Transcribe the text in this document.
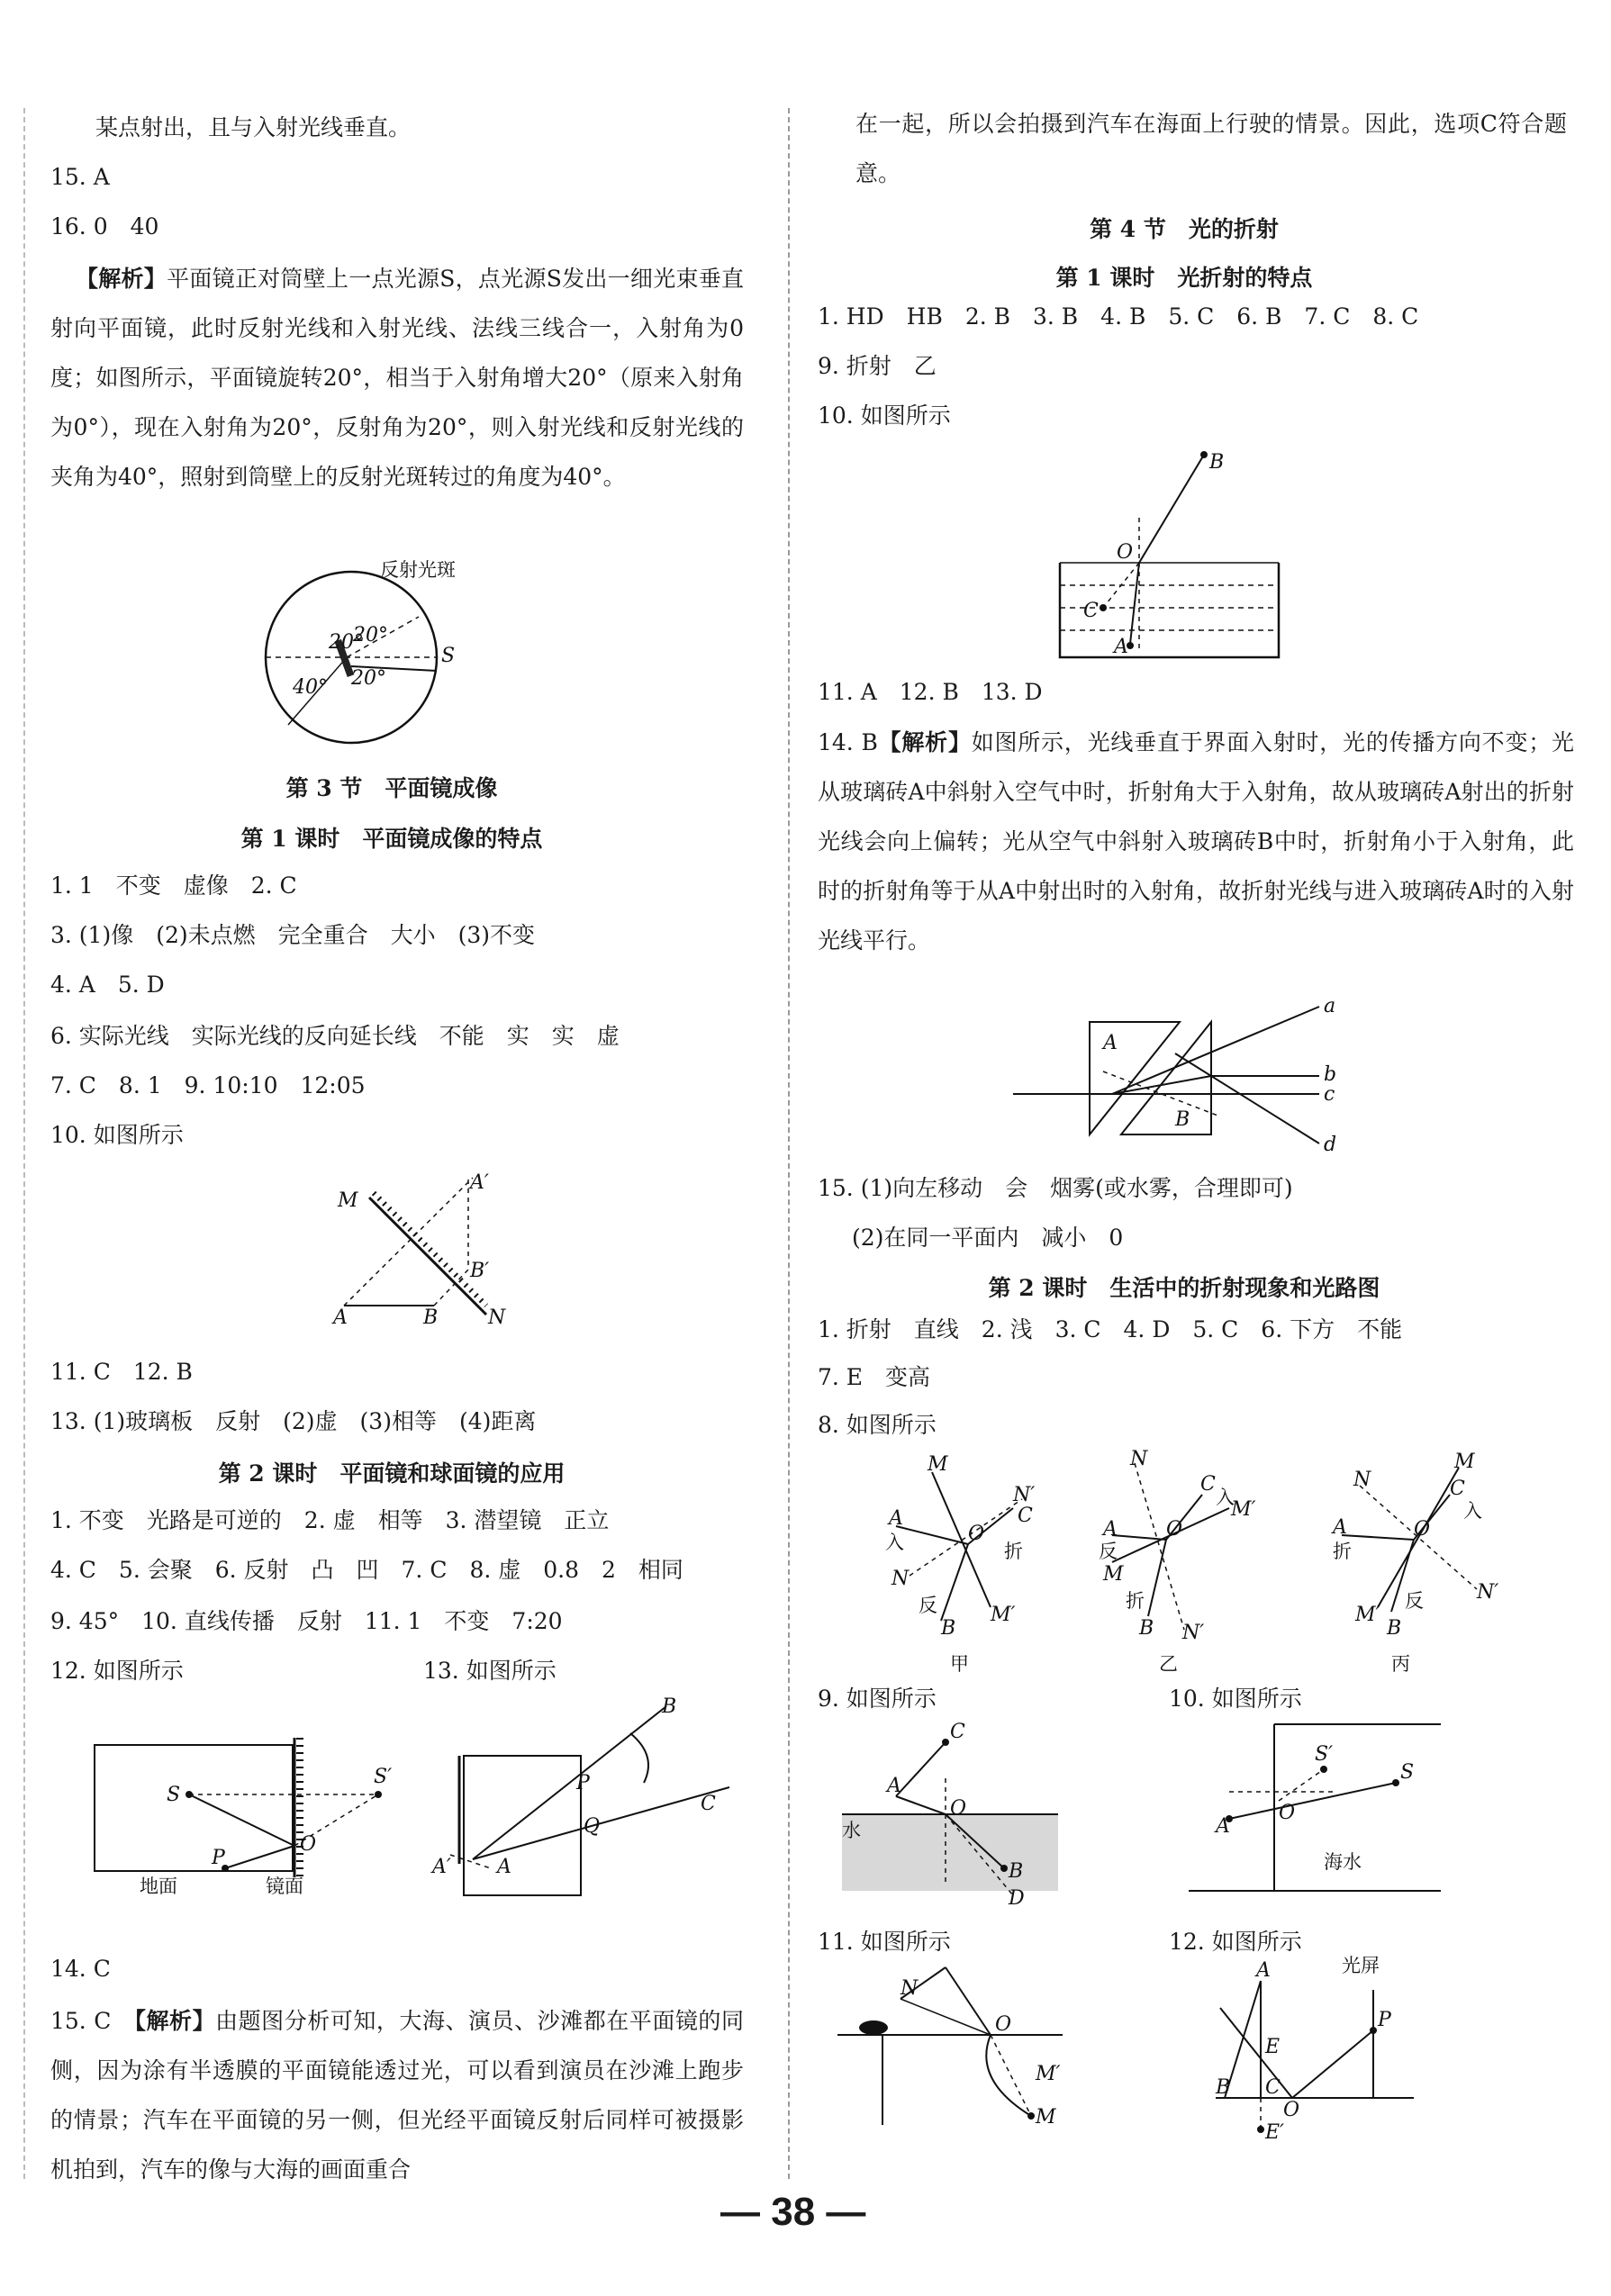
某点射出，且与入射光线垂直。
15. A
16. 0　40
【解析】平面镜正对筒壁上一点光源S，点光源S发出一细光束垂直射向平面镜，此时反射光线和入射光线、法线三线合一，入射角为0度；如图所示，平面镜旋转20°，相当于入射角增大20°（原来入射角为0°），现在入射角为20°，反射角为20°，则入射光线和反射光线的夹角为40°，照射到筒壁上的反射光斑转过的角度为40°。
反射光斑
20°
20°
40° 20°
S
第 3 节　平面镜成像
第 1 课时　平面镜成像的特点
1. 1　不变　虚像　2. C
3. (1)像　(2)未点燃　完全重合　大小　(3)不变
4. A　5. D
6. 实际光线　实际光线的反向延长线　不能　实　实　虚
7. C　8. 1　9. 10:10　12:05
10. 如图所示
M
N
A	B
A′
B′
11. C　12. B
13. (1)玻璃板　反射　(2)虚　(3)相等　(4)距离
第 2 课时　平面镜和球面镜的应用
1. 不变　光路是可逆的　2. 虚　相等　3. 潜望镜　正立
4. C　5. 会聚　6. 反射　凸　凹　7. C　8. 虚　0.8　2　相同
9. 45°　10. 直线传播　反射　11. 1　不变　7:20
12. 如图所示	13. 如图所示
S
S′
P
O
地面	镜面
B
P
Q
C
A
A′
14. C
15. C　【解析】由题图分析可知，大海、演员、沙滩都在平面镜的同侧，因为涂有半透膜的平面镜能透过光，可以看到演员在沙滩上跑步的情景；汽车在平面镜的另一侧，但光经平面镜反射后同样可被摄影机拍到，汽车的像与大海的画面重合
在一起，所以会拍摄到汽车在海面上行驶的情景。因此，选项C符合题意。
第 4 节　光的折射
第 1 课时　光折射的特点
1. HD　HB　2. B　3. B　4. B　5. C　6. B　7. C　8. C
9. 折射　乙
10. 如图所示
B
O
C
A
11. A　12. B　13. D
14. B【解析】如图所示，光线垂直于界面入射时，光的传播方向不变；光从玻璃砖A中斜射入空气中时，折射角大于入射角，故从玻璃砖A射出的折射光线会向上偏转；光从空气中斜射入玻璃砖B中时，折射角小于入射角，此时的折射角等于从A中射出时的入射角，故折射光线与进入玻璃砖A时的入射光线平行。
A
B
a
b
c
d
15. (1)向左移动　会　烟雾(或水雾，合理即可)
(2)在同一平面内　减小　0
第 2 课时　生活中的折射现象和光路图
1. 折射　直线　2. 浅　3. C　4. D　5. C　6. 下方　不能
7. E　变高
8. 如图所示
M
N′
C
A
入	O
折
N
反
B
M′
甲
N
C
入
A
反
M
O
M′
折
B N′
乙
N
M
C
入
A
折
O
N′
反
M′
B
丙
9. 如图所示	10. 如图所示
C
A
O
B
D
水
S
S′
A
O
海水
11. 如图所示	12. 如图所示
N
O
M′
M
光屏
A
B C
E
E′
O
P
— 38 —
